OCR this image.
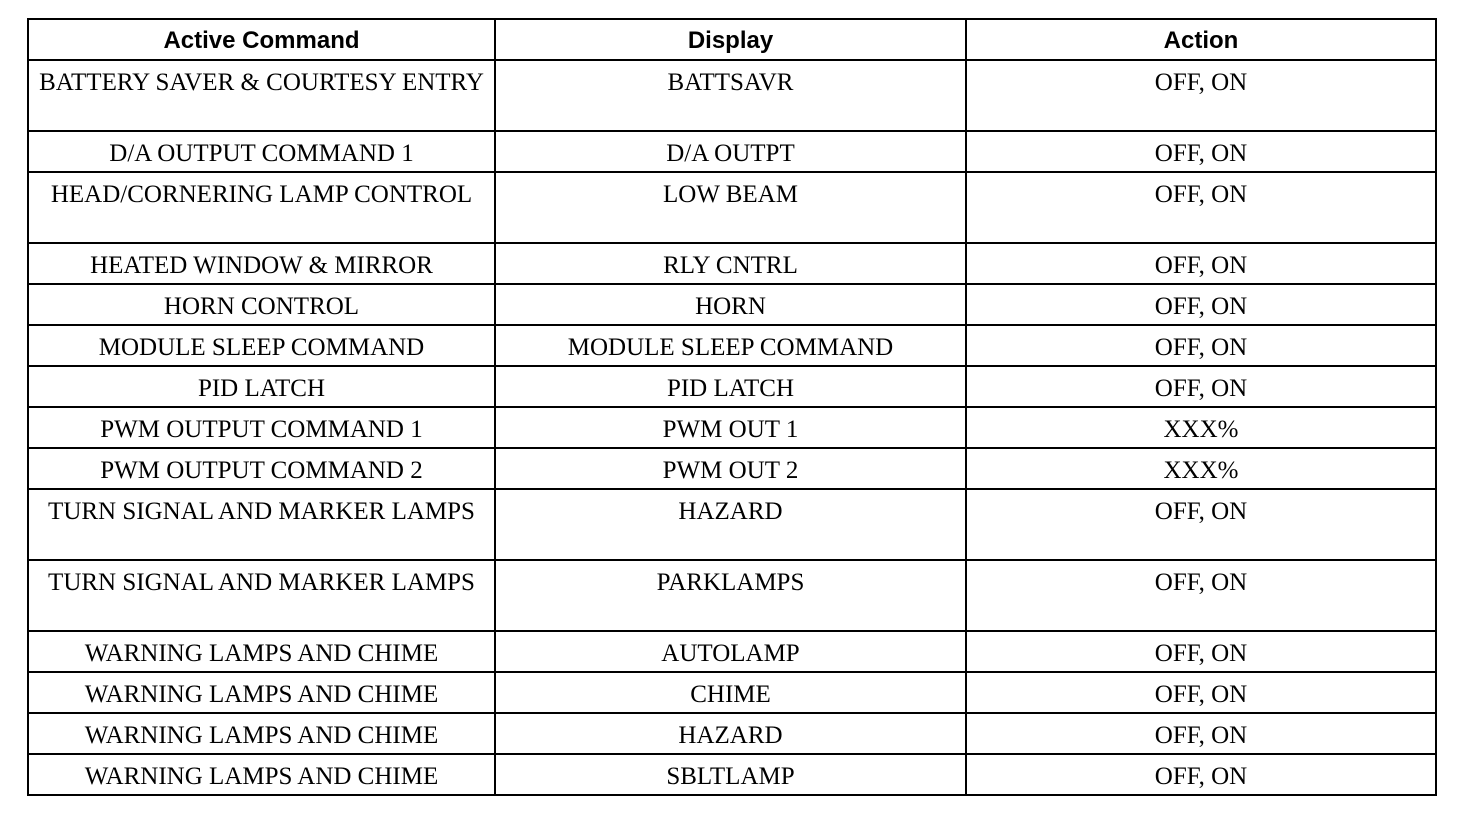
Active Command	Display	Action
BATTERY SAVER & COURTESY ENTRY	BATTSAVR	OFF, ON
D/A OUTPUT COMMAND 1	D/A OUTPT	OFF, ON
HEAD/CORNERING LAMP CONTROL	LOW BEAM	OFF, ON
HEATED WINDOW & MIRROR	RLY CNTRL	OFF, ON
HORN CONTROL	HORN	OFF, ON
MODULE SLEEP COMMAND	MODULE SLEEP COMMAND	OFF, ON
PID LATCH	PID LATCH	OFF, ON
PWM OUTPUT COMMAND 1	PWM OUT 1	XXX%
PWM OUTPUT COMMAND 2	PWM OUT 2	XXX%
TURN SIGNAL AND MARKER LAMPS	HAZARD	OFF, ON
TURN SIGNAL AND MARKER LAMPS	PARKLAMPS	OFF, ON
WARNING LAMPS AND CHIME	AUTOLAMP	OFF, ON
WARNING LAMPS AND CHIME	CHIME	OFF, ON
WARNING LAMPS AND CHIME	HAZARD	OFF, ON
WARNING LAMPS AND CHIME	SBLTLAMP	OFF, ON
